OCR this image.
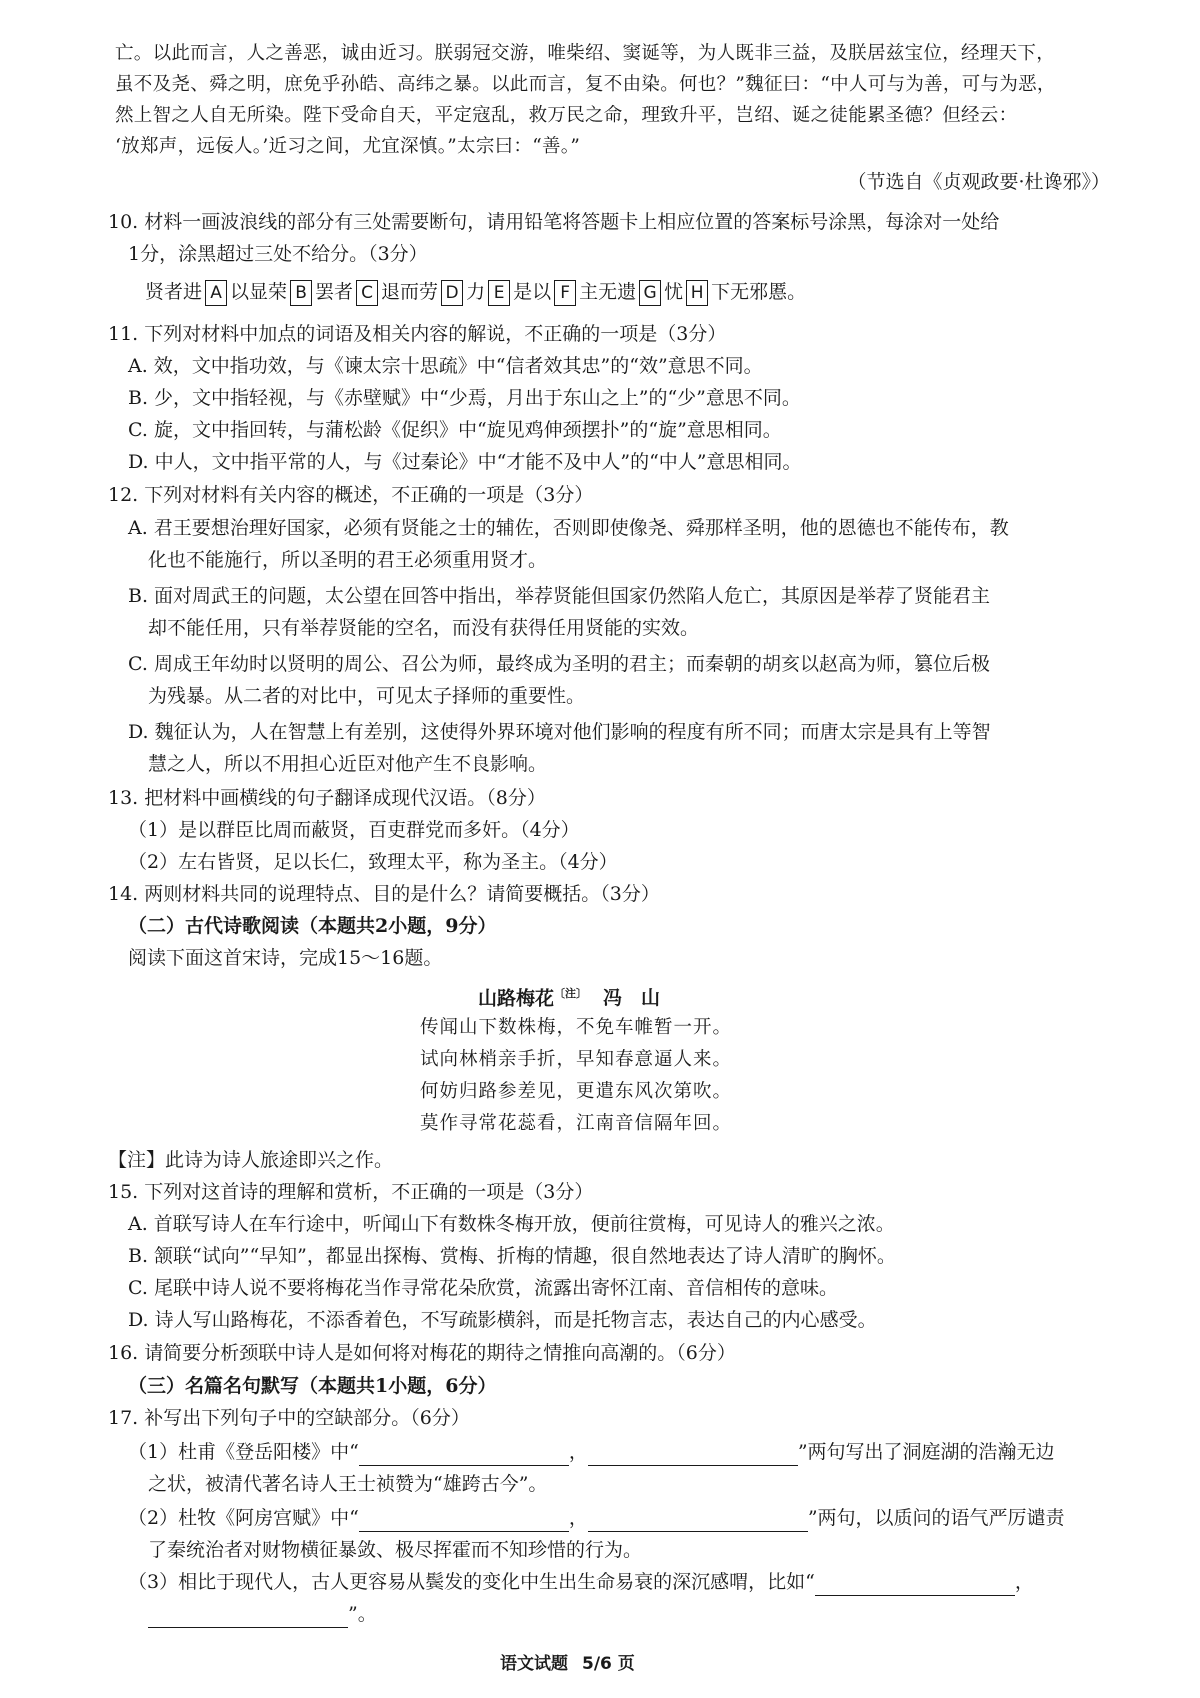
亡。以此而言，人之善恶，诚由近习。朕弱冠交游，唯柴绍、窦诞等，为人既非三益，及朕居兹宝位，经理天下，
虽不及尧、舜之明，庶免乎孙皓、高纬之暴。以此而言，复不由染。何也？”魏征曰：“中人可与为善，可与为恶，
然上智之人自无所染。陛下受命自天，平定寇乱，救万民之命，理致升平，岂绍、诞之徒能累圣德？但经云：
‘放郑声，远佞人。’近习之间，尤宜深慎。”太宗曰：“善。”
（节选自《贞观政要·杜谗邪》）
10. 材料一画波浪线的部分有三处需要断句，请用铅笔将答题卡上相应位置的答案标号涂黑，每涂对一处给
1分，涂黑超过三处不给分。（3分）
贤者进 A 以显荣 B 罢者 C 退而劳 D 力 E 是以 F 主无遗 G 忧 H 下无邪慝。
11. 下列对材料中加点的词语及相关内容的解说，不正确的一项是（3分）
A. 效，文中指功效，与《谏太宗十思疏》中“信者效其忠”的“效”意思不同。
B. 少，文中指轻视，与《赤壁赋》中“少焉，月出于东山之上”的“少”意思不同。
C. 旋，文中指回转，与蒲松龄《促织》中“旋见鸡伸颈摆扑”的“旋”意思相同。
D. 中人，文中指平常的人，与《过秦论》中“才能不及中人”的“中人”意思相同。
12. 下列对材料有关内容的概述，不正确的一项是（3分）
A. 君王要想治理好国家，必须有贤能之士的辅佐，否则即使像尧、舜那样圣明，他的恩德也不能传布，教
化也不能施行，所以圣明的君王必须重用贤才。
B. 面对周武王的问题，太公望在回答中指出，举荐贤能但国家仍然陷人危亡，其原因是举荐了贤能君主
却不能任用，只有举荐贤能的空名，而没有获得任用贤能的实效。
C. 周成王年幼时以贤明的周公、召公为师，最终成为圣明的君主；而秦朝的胡亥以赵高为师，篡位后极
为残暴。从二者的对比中，可见太子择师的重要性。
D. 魏征认为，人在智慧上有差别，这使得外界环境对他们影响的程度有所不同；而唐太宗是具有上等智
慧之人，所以不用担心近臣对他产生不良影响。
13. 把材料中画横线的句子翻译成现代汉语。（8分）
（1）是以群臣比周而蔽贤，百吏群党而多奸。（4分）
（2）左右皆贤，足以长仁，致理太平，称为圣主。（4分）
14. 两则材料共同的说理特点、目的是什么？请简要概括。（3分）
（二）古代诗歌阅读（本题共2小题，9分）
阅读下面这首宋诗，完成15～16题。
山路梅花$^{〔注〕}$ 冯　山
传闻山下数株梅，不免车帷暂一开。
试向林梢亲手折，早知春意逼人来。
何妨归路参差见，更遣东风次第吹。
莫作寻常花蕊看，江南音信隔年回。
【注】此诗为诗人旅途即兴之作。
15. 下列对这首诗的理解和赏析，不正确的一项是（3分）
A. 首联写诗人在车行途中，听闻山下有数株冬梅开放，便前往赏梅，可见诗人的雅兴之浓。
B. 颔联“试向”“早知”，都显出探梅、赏梅、折梅的情趣，很自然地表达了诗人清旷的胸怀。
C. 尾联中诗人说不要将梅花当作寻常花朵欣赏，流露出寄怀江南、音信相传的意味。
D. 诗人写山路梅花，不添香着色，不写疏影横斜，而是托物言志，表达自己的内心感受。
16. 请简要分析颈联中诗人是如何将对梅花的期待之情推向高潮的。（6分）
（三）名篇名句默写（本题共1小题，6分）
17. 补写出下列句子中的空缺部分。（6分）
（1）杜甫《登岳阳楼》中“	，	”两句写出了洞庭湖的浩瀚无边
之状，被清代著名诗人王士祯赞为“雄跨古今”。
（2）杜牧《阿房宫赋》中“	，	”两句，以质问的语气严厉谴责
了秦统治者对财物横征暴敛、极尽挥霍而不知珍惜的行为。
（3）相比于现代人，古人更容易从鬓发的变化中生出生命易衰的深沉感喟，比如“	，
”。
语文试题 5/6 页
